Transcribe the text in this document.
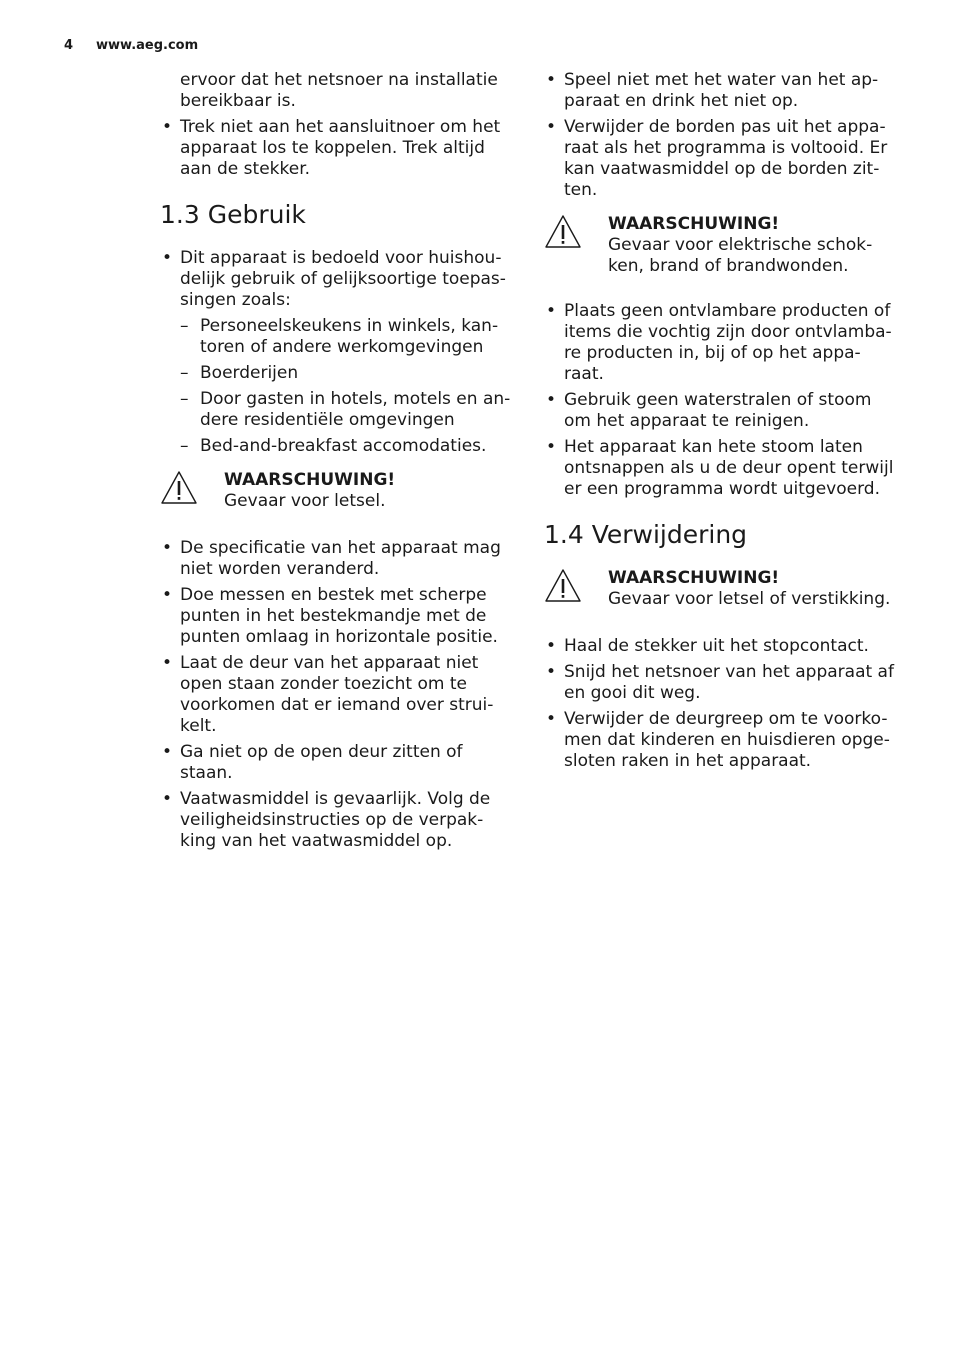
4 www.aeg.com

ervoor dat het netsnoer na installatie bereikbaar is.

• Trek niet aan het aansluitnoer om het apparaat los te koppelen. Trek altijd aan de stekker.
1.3 Gebruik
• Dit apparaat is bedoeld voor huishou-delijk gebruik of gelijksoortige toepas-singen zoals:
– Personeelskeukens in winkels, kan-toren of andere werkomgevingen
– Boerderijen
– Door gasten in hotels, motels en an-dere residentiële omgevingen
– Bed-and-breakfast accomodaties.
WAARSCHUWING!
Gevaar voor letsel.
• De specificatie van het apparaat mag niet worden veranderd.
• Doe messen en bestek met scherpe punten in het bestekmandje met de punten omlaag in horizontale positie.
• Laat de deur van het apparaat niet open staan zonder toezicht om te voorkomen dat er iemand over strui-kelt.
• Ga niet op de open deur zitten of staan.
• Vaatwasmiddel is gevaarlijk. Volg de veiligheidsinstructies op de verpak-king van het vaatwasmiddel op.
• Speel niet met het water van het ap-paraat en drink het niet op.
• Verwijder de borden pas uit het appa-raat als het programma is voltooid. Er kan vaatwasmiddel op de borden zit-ten.
WAARSCHUWING!
Gevaar voor elektrische schok-ken, brand of brandwonden.
• Plaats geen ontvlambare producten of items die vochtig zijn door ontvlamba-re producten in, bij of op het appa-raat.
• Gebruik geen waterstralen of stoom om het apparaat te reinigen.
• Het apparaat kan hete stoom laten ontsnappen als u de deur opent terwijl er een programma wordt uitgevoerd.
1.4 Verwijdering
WAARSCHUWING!
Gevaar voor letsel of verstikking.
• Haal de stekker uit het stopcontact.
• Snijd het netsnoer van het apparaat af en gooi dit weg.
• Verwijder de deurgreep om te voorko-men dat kinderen en huisdieren opge-sloten raken in het apparaat.
